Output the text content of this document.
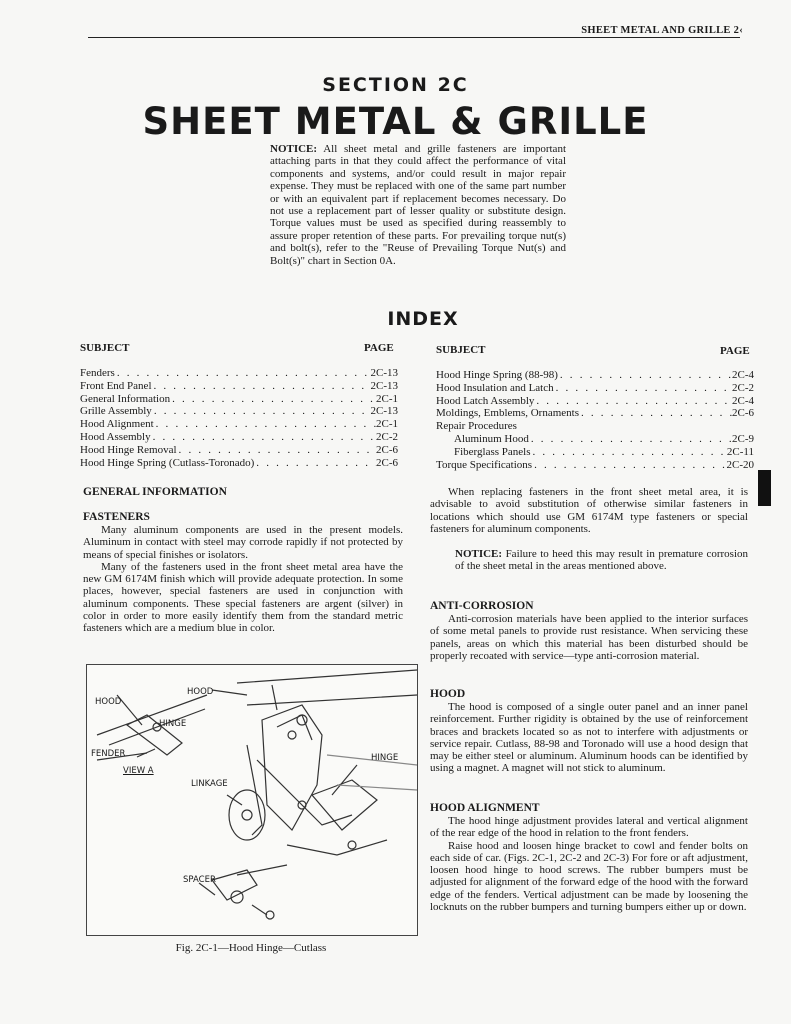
SHEET METAL AND GRILLE 2‹
SECTION 2C
SHEET METAL & GRILLE
NOTICE: All sheet metal and grille fasteners are important attaching parts in that they could affect the performance of vital components and systems, and/or could result in major repair expense. They must be replaced with one of the same part number or with an equivalent part if replacement becomes necessary. Do not use a replacement part of lesser quality or substitute design. Torque values must be used as specified during reassembly to assure proper retention of these parts. For prevailing torque nut(s) and bolt(s), refer to the "Reuse of Prevailing Torque Nut(s) and Bolt(s)" chart in Section 0A.
INDEX
SUBJECT	PAGE	SUBJECT	PAGE
Fenders . . .	2C-13
Front End Panel . . .	2C-13
General Information . . .	2C-1
Grille Assembly . . .	2C-13
Hood Alignment . . .	2C-1
Hood Assembly . . .	2C-2
Hood Hinge Removal . . .	2C-6
Hood Hinge Spring (Cutlass-Toronado) . . .	2C-6
Hood Hinge Spring (88-98) . . .	2C-4
Hood Insulation and Latch . . .	2C-2
Hood Latch Assembly . . .	2C-4
Moldings, Emblems, Ornaments . . .	2C-6
Repair Procedures
Aluminum Hood . . .	2C-9
Fiberglass Panels . . .	2C-11
Torque Specifications . . .	2C-20
GENERAL INFORMATION
FASTENERS

Many aluminum components are used in the present models. Aluminum in contact with steel may corrode rapidly if not protected by means of special finishes or isolators.

Many of the fasteners used in the front sheet metal area have the new GM 6174M finish which will provide adequate protection. In some places, however, special fasteners are used in conjunction with aluminum components. These special fasteners are argent (silver) in color in order to more easily identify them from the standard metric fasteners which are a medium blue in color.

HOOD
HOOD
HINGE
FENDER
VIEW A
HINGE
LINKAGE
SPACER
Fig. 2C-1—Hood Hinge—Cutlass

When replacing fasteners in the front sheet metal area, it is advisable to avoid substitution of otherwise similar fasteners in locations which should use GM 6174M type fasteners or special fasteners for aluminum components.

NOTICE: Failure to heed this may result in premature corrosion of the sheet metal in the areas mentioned above.

ANTI-CORROSION

Anti-corrosion materials have been applied to the interior surfaces of some metal panels to provide rust resistance. When servicing these panels, areas on which this material has been disturbed should be properly recoated with service—type anti-corrosion material.

HOOD

The hood is composed of a single outer panel and an inner panel reinforcement. Further rigidity is obtained by the use of reinforcement braces and brackets located so as not to interfere with adjustments or service repair. Cutlass, 88-98 and Toronado will use a hood design that may be either steel or aluminum. Aluminum hoods can be identified by using a magnet. A magnet will not stick to aluminum.

HOOD ALIGNMENT

The hood hinge adjustment provides lateral and vertical alignment of the rear edge of the hood in relation to the front fenders.

Raise hood and loosen hinge bracket to cowl and fender bolts on each side of car. (Figs. 2C-1, 2C-2 and 2C-3) For fore or aft adjustment, loosen hood hinge to hood screws. The rubber bumpers must be adjusted for alignment of the forward edge of the hood with the forward edge of the fenders. Vertical adjustment can be made by loosening the locknuts on the rubber bumpers and turning bumpers either up or down.
